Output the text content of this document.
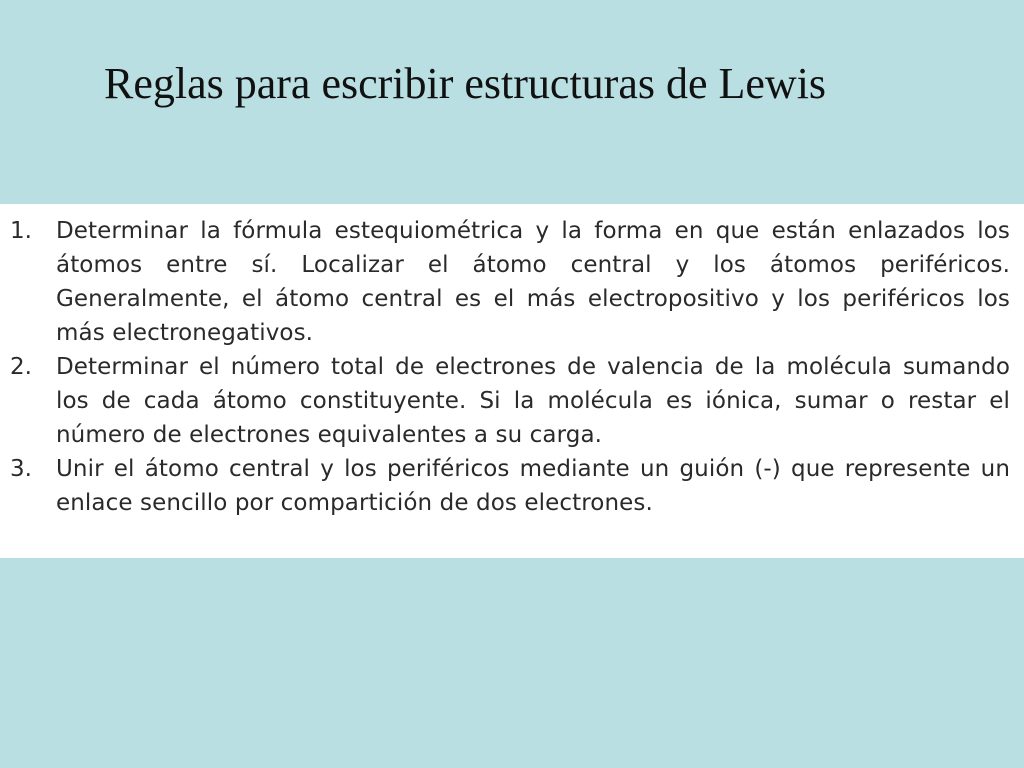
Reglas para escribir estructuras de Lewis
1.	Determinar la fórmula estequiométrica y la forma en que están enlazados los átomos entre sí. Localizar el átomo central y los átomos periféricos. Generalmente, el átomo central es el más electropositivo y los periféricos los más electronegativos.
2.	Determinar el número total de electrones de valencia de la molécula sumando los de cada átomo constituyente. Si la molécula es iónica, sumar o restar el número de electrones equivalentes a su carga.
3.	Unir el átomo central y los periféricos mediante un guión (-) que represente un enlace sencillo por compartición de dos electrones.
